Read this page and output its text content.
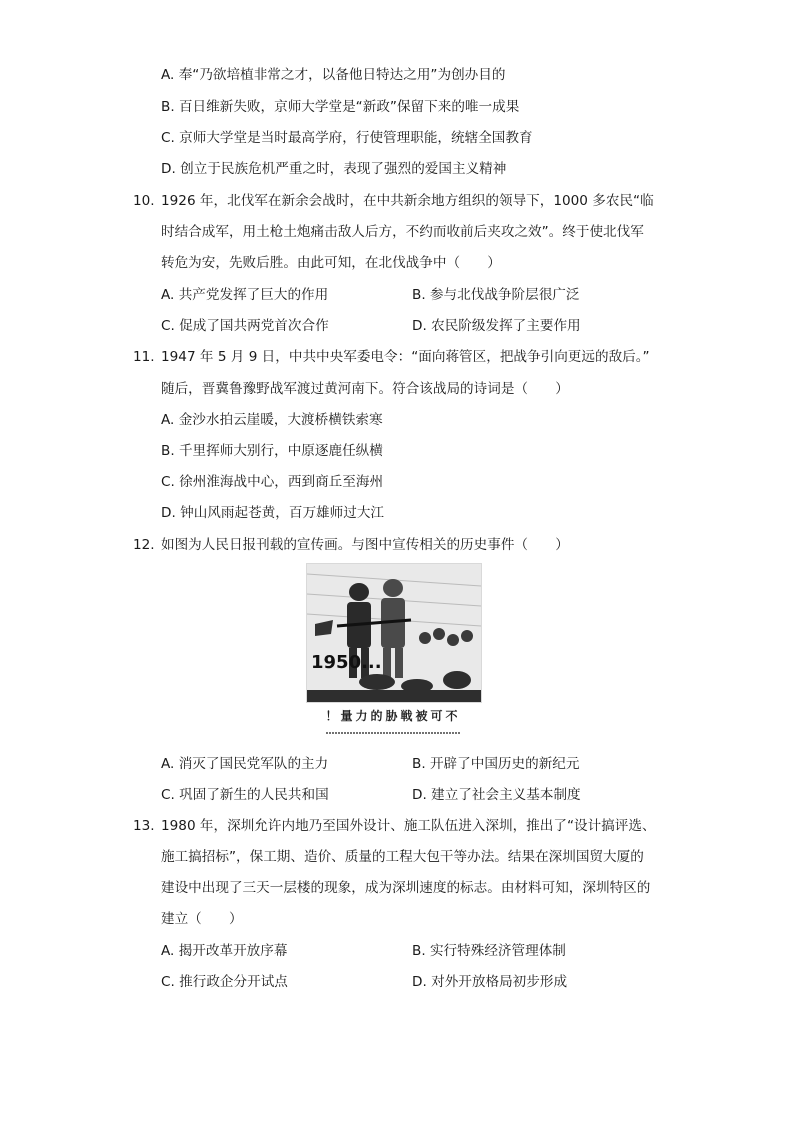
A. 奉“乃欲培植非常之才，以备他日特达之用”为创办目的
B. 百日维新失败，京师大学堂是“新政”保留下来的唯一成果
C. 京师大学堂是当时最高学府，行使管理职能，统辖全国教育
D. 创立于民族危机严重之时，表现了强烈的爱国主义精神
10. 1926 年，北伐军在新余会战时，在中共新余地方组织的领导下，1000 多农民“临
时结合成军，用土枪土炮痛击敌人后方，不约而收前后夹攻之效”。终于使北伐军
转危为安，先败后胜。由此可知，在北伐战争中（　　）
A. 共产党发挥了巨大的作用	B. 参与北伐战争阶层很广泛
C. 促成了国共两党首次合作	D. 农民阶级发挥了主要作用
11. 1947 年 5 月 9 日，中共中央军委电令：“面向蒋管区，把战争引向更远的敌后。”
随后，晋冀鲁豫野战军渡过黄河南下。符合该战局的诗词是（　　）
A. 金沙水拍云崖暖，大渡桥横铁索寒
B. 千里挥师大别行，中原逐鹿任纵横
C. 徐州淮海战中心，西到商丘至海州
D. 钟山风雨起苍黄，百万雄师过大江
12. 如图为人民日报刊载的宣传画。与图中宣传相关的历史事件（　　）
1950...
！量力的胁戦被可不
A. 消灭了国民党军队的主力	B. 开辟了中国历史的新纪元
C. 巩固了新生的人民共和国	D. 建立了社会主义基本制度
13. 1980 年，深圳允许内地乃至国外设计、施工队伍进入深圳，推出了“设计搞评选、
施工搞招标”，保工期、造价、质量的工程大包干等办法。结果在深圳国贸大厦的
建设中出现了三天一层楼的现象，成为深圳速度的标志。由材料可知，深圳特区的
建立（　　）
A. 揭开改革开放序幕	B. 实行特殊经济管理体制
C. 推行政企分开试点	D. 对外开放格局初步形成
